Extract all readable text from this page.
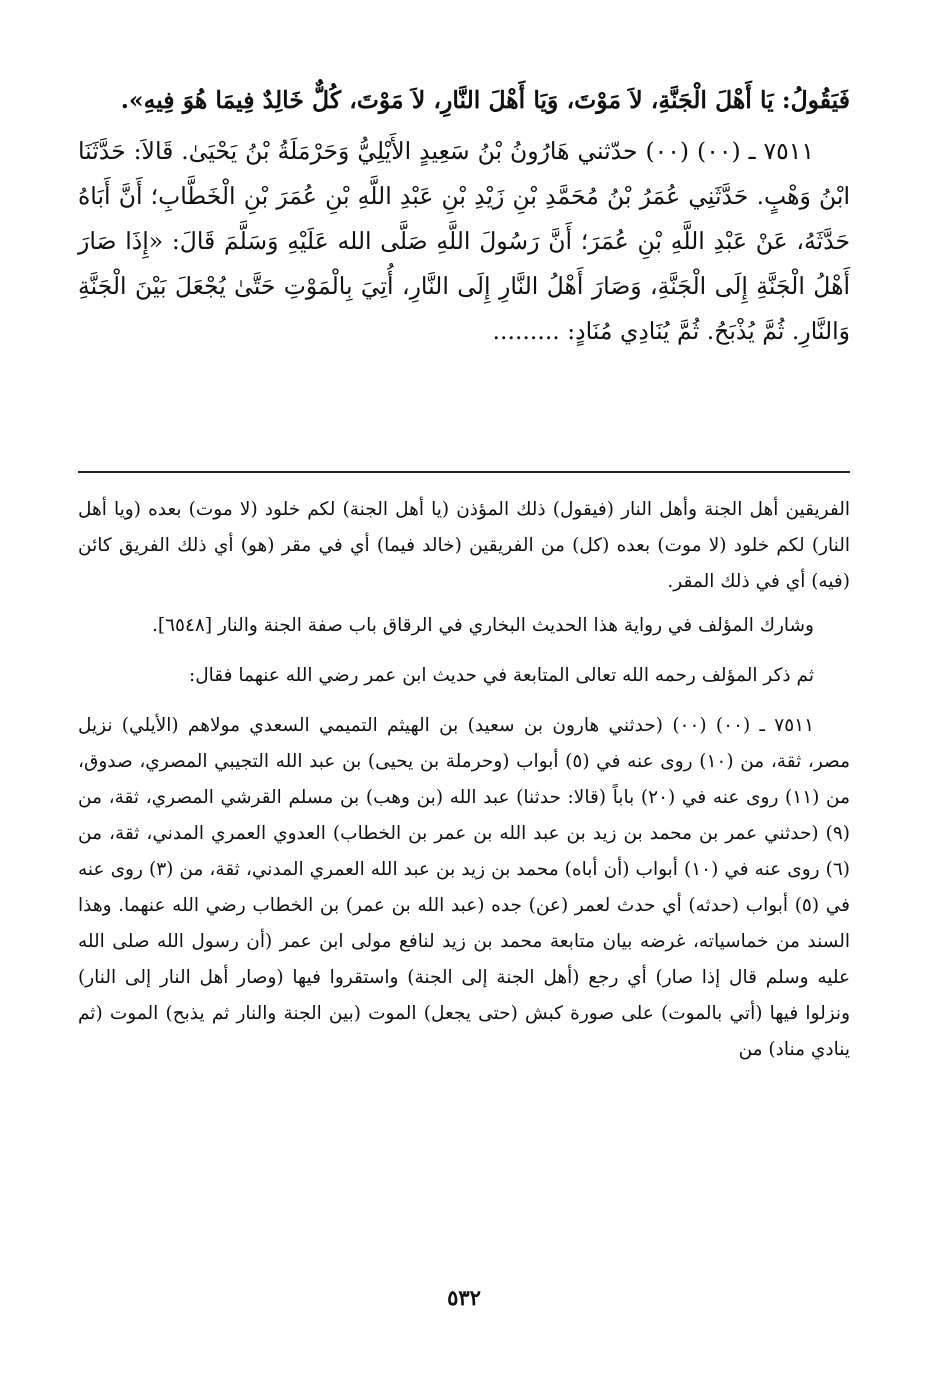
فَيَقُولُ: يَا أَهْلَ الْجَنَّةِ، لاَ مَوْتَ، وَيَا أَهْلَ النَّارِ، لاَ مَوْتَ، كُلٌّ خَالِدٌ فِيمَا هُوَ فِيهِ».

٧٥١١ ـ (٠٠) (٠٠) حدّثني هَارُونُ بْنُ سَعِيدٍ الأَيْلِيُّ وَحَرْمَلَةُ بْنُ يَحْيَىٰ. قَالاَ: حَدَّثَنَا ابْنُ وَهْبٍ. حَدَّثَنِي عُمَرُ بْنُ مُحَمَّدِ بْنِ زَيْدِ بْنِ عَبْدِ اللَّهِ بْنِ عُمَرَ بْنِ الْخَطَّابِ؛ أَنَّ أَبَاهُ حَدَّثَهُ، عَنْ عَبْدِ اللَّهِ بْنِ عُمَرَ؛ أَنَّ رَسُولَ اللَّهِ صَلَّى الله عَلَيْهِ وَسَلَّمَ قَالَ: «إِذَا صَارَ أَهْلُ الْجَنَّةِ إِلَى الْجَنَّةِ، وَصَارَ أَهْلُ النَّارِ إِلَى النَّارِ، أُتِيَ بِالْمَوْتِ حَتَّىٰ يُجْعَلَ بَيْنَ الْجَنَّةِ وَالنَّارِ. ثُمَّ يُذْبَحُ. ثُمَّ يُنَادِي مُنَادٍ: .........

الفريقين أهل الجنة وأهل النار (فيقول) ذلك المؤذن (يا أهل الجنة) لكم خلود (لا موت) بعده (ويا أهل النار) لكم خلود (لا موت) بعده (كل) من الفريقين (خالد فيما) أي في مقر (هو) أي ذلك الفريق كائن (فيه) أي في ذلك المقر.

وشارك المؤلف في رواية هذا الحديث البخاري في الرقاق باب صفة الجنة والنار [٦٥٤٨].

ثم ذكر المؤلف رحمه الله تعالى المتابعة في حديث ابن عمر رضي الله عنهما فقال:

٧٥١١ ـ (٠٠) (٠٠) (حدثني هارون بن سعيد) بن الهيثم التميمي السعدي مولاهم (الأيلي) نزيل مصر، ثقة، من (١٠) روى عنه في (٥) أبواب (وحرملة بن يحيى) بن عبد الله التجيبي المصري، صدوق، من (١١) روى عنه في (٢٠) باباً (قالا: حدثنا) عبد الله (بن وهب) بن مسلم القرشي المصري، ثقة، من (٩) (حدثني عمر بن محمد بن زيد بن عبد الله بن عمر بن الخطاب) العدوي العمري المدني، ثقة، من (٦) روى عنه في (١٠) أبواب (أن أباه) محمد بن زيد بن عبد الله العمري المدني، ثقة، من (٣) روى عنه في (٥) أبواب (حدثه) أي حدث لعمر (عن) جده (عبد الله بن عمر) بن الخطاب رضي الله عنهما. وهذا السند من خماسياته، غرضه بيان متابعة محمد بن زيد لنافع مولى ابن عمر (أن رسول الله صلى الله عليه وسلم قال إذا صار) أي رجع (أهل الجنة إلى الجنة) واستقروا فيها (وصار أهل النار إلى النار) ونزلوا فيها (أتي بالموت) على صورة كبش (حتى يجعل) الموت (بين الجنة والنار ثم يذبح) الموت (ثم ينادي مناد) من

٥٣٢
